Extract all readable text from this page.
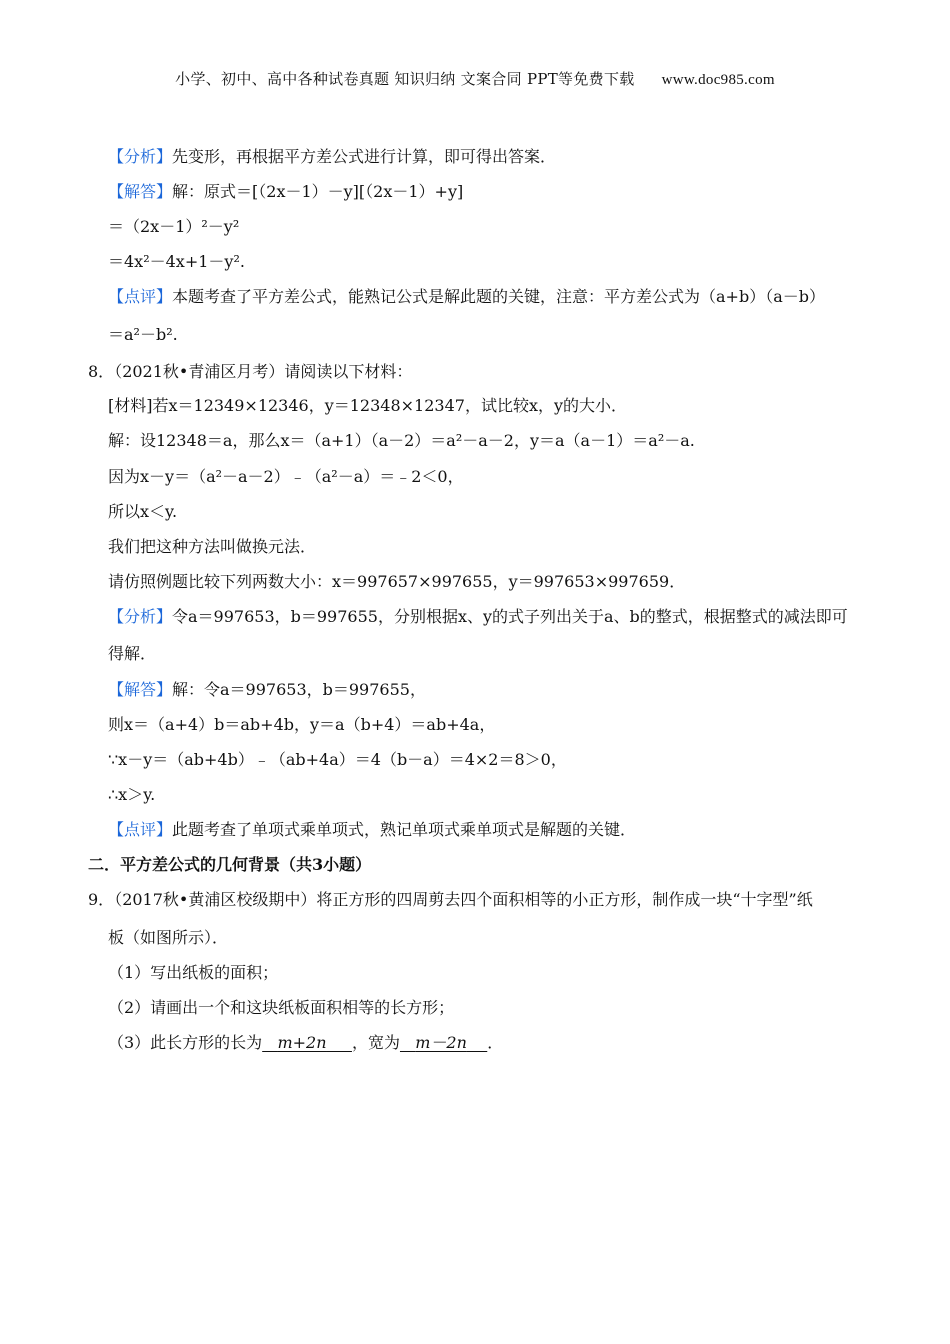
小学、初中、高中各种试卷真题 知识归纳 文案合同 PPT等免费下载 www.doc985.com
【分析】先变形，再根据平方差公式进行计算，即可得出答案．
【解答】解：原式＝[（2x－1）－y][（2x－1）+y]
＝（2x－1）²－y²
＝4x²－4x+1－y².
【点评】本题考查了平方差公式，能熟记公式是解此题的关键，注意：平方差公式为（a+b）（a－b）
＝a²－b².
8．（2021秋•青浦区月考）请阅读以下材料：
[材料]若x＝12349×12346，y＝12348×12347，试比较x，y的大小．
解：设12348＝a，那么x＝（a+1）（a－2）＝a²－a－2，y＝a（a－1）＝a²－a.
因为x－y＝（a²－a－2）﹣（a²－a）＝﹣2＜0，
所以x＜y.
我们把这种方法叫做换元法．
请仿照例题比较下列两数大小：x＝997657×997655，y＝997653×997659．
【分析】令a＝997653，b＝997655，分别根据x、y的式子列出关于a、b的整式，根据整式的减法即可
得解．
【解答】解：令a＝997653，b＝997655，
则x＝（a+4）b＝ab+4b，y＝a（b+4）＝ab+4a，
∵x－y＝（ab+4b）﹣（ab+4a）＝4（b－a）＝4×2＝8＞0，
∴x＞y.
【点评】此题考查了单项式乘单项式，熟记单项式乘单项式是解题的关键．
二．平方差公式的几何背景（共3小题）
9．（2017秋•黄浦区校级期中）将正方形的四周剪去四个面积相等的小正方形，制作成一块“十字型”纸
板（如图所示）．
（1）写出纸板的面积；
（2）请画出一个和这块纸板面积相等的长方形；
（3）此长方形的长为 m+2n ，宽为 m－2n ．
